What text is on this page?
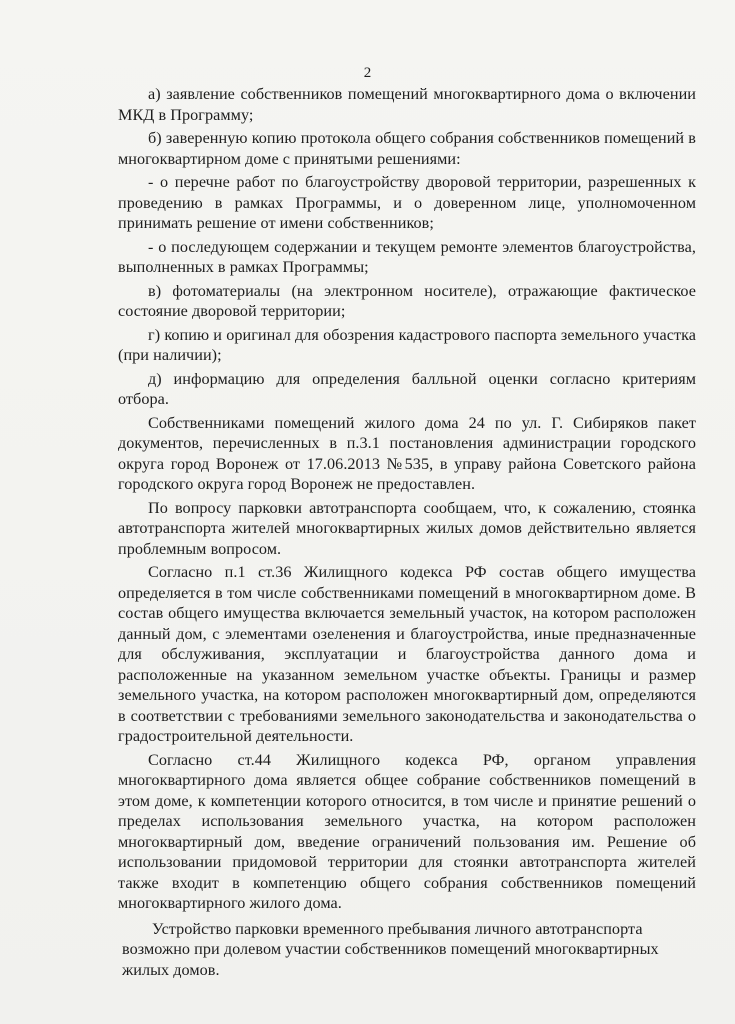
2

а) заявление собственников помещений многоквартирного дома о включении МКД в Программу;

б) заверенную копию протокола общего собрания собственников помещений в многоквартирном доме с принятыми решениями:

- о перечне работ по благоустройству дворовой территории, разрешенных к проведению в рамках Программы, и о доверенном лице, уполномоченном принимать решение от имени собственников;

- о последующем содержании и текущем ремонте элементов благоустройства, выполненных в рамках Программы;

в) фотоматериалы (на электронном носителе), отражающие фактическое состояние дворовой территории;

г) копию и оригинал для обозрения кадастрового паспорта земельного участка (при наличии);

д) информацию для определения балльной оценки согласно критериям отбора.

Собственниками помещений жилого дома 24 по ул. Г. Сибиряков пакет документов, перечисленных в п.3.1 постановления администрации городского округа город Воронеж от 17.06.2013 №535, в управу района Советского района городского округа город Воронеж не предоставлен.

По вопросу парковки автотранспорта сообщаем, что, к сожалению, стоянка автотранспорта жителей многоквартирных жилых домов действительно является проблемным вопросом.

Согласно п.1 ст.36 Жилищного кодекса РФ состав общего имущества определяется в том числе собственниками помещений в многоквартирном доме. В состав общего имущества включается земельный участок, на котором расположен данный дом, с элементами озеленения и благоустройства, иные предназначенные для обслуживания, эксплуатации и благоустройства данного дома и расположенные на указанном земельном участке объекты. Границы и размер земельного участка, на котором расположен многоквартирный дом, определяются в соответствии с требованиями земельного законодательства и законодательства о градостроительной деятельности.

Согласно ст.44 Жилищного кодекса РФ, органом управления многоквартирного дома является общее собрание собственников помещений в этом доме, к компетенции которого относится, в том числе и принятие решений о пределах использования земельного участка, на котором расположен многоквартирный дом, введение ограничений пользования им. Решение об использовании придомовой территории для стоянки автотранспорта жителей также входит в компетенцию общего собрания собственников помещений многоквартирного жилого дома.

Устройство парковки временного пребывания личного автотранспорта возможно при долевом участии собственников помещений многоквартирных жилых домов.
